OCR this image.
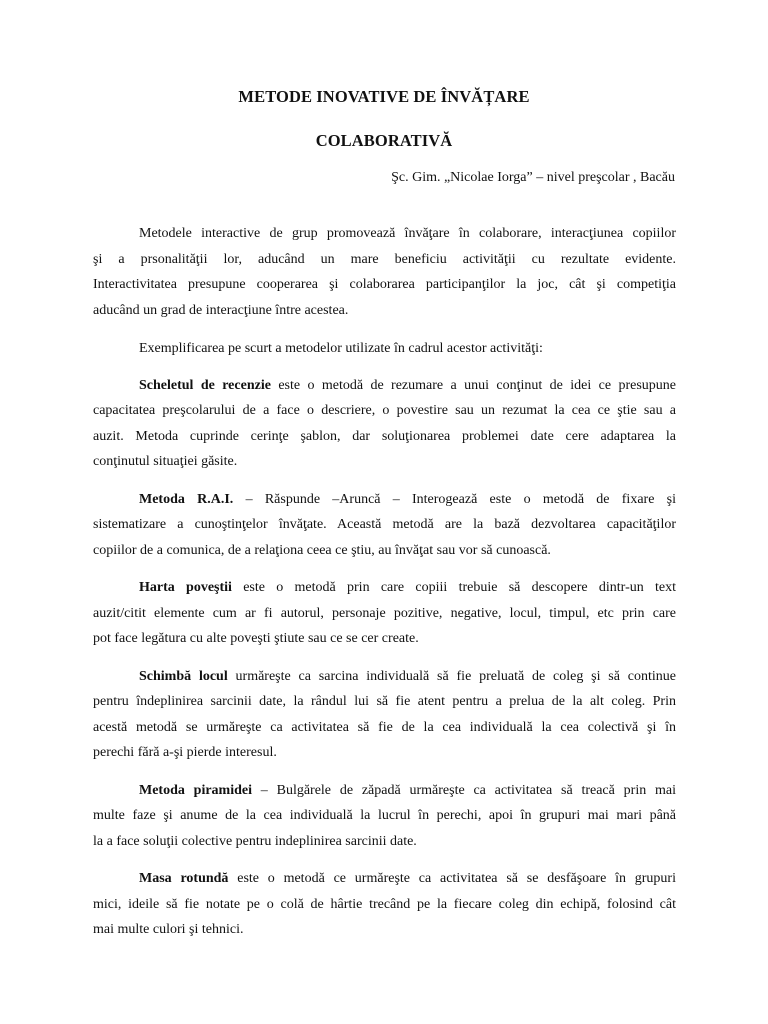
METODE INOVATIVE DE ÎNVĂȚARE
COLABORATIVĂ
Şc. Gim. „Nicolae Iorga” – nivel preşcolar , Bacău

Metodele interactive de grup promovează învăţare în colaborare, interacţiunea copiilor
şi a prsonalităţii lor, aducând un mare beneficiu activităţii cu rezultate evidente.
Interactivitatea presupune cooperarea şi colaborarea participanţilor la joc, cât şi competiţia
aducând un grad de interacţiune între acestea.

Exemplificarea pe scurt a metodelor utilizate în cadrul acestor activităţi:

Scheletul de recenzie este o metodă de rezumare a unui conţinut de idei ce presupune
capacitatea preşcolarului de a face o descriere, o povestire sau un rezumat la cea ce ştie sau a
auzit. Metoda cuprinde cerinţe şablon, dar soluţionarea problemei date cere adaptarea la
conţinutul situaţiei găsite.

Metoda R.A.I. – Răspunde –Aruncă – Interogează este o metodă de fixare şi
sistematizare a cunoştinţelor învăţate. Această metodă are la bază dezvoltarea capacităţilor
copiilor de a comunica, de a relaţiona ceea ce ştiu, au învăţat sau vor să cunoască.

Harta poveştii este o metodă prin care copiii trebuie să descopere dintr-un text
auzit/citit elemente cum ar fi autorul, personaje pozitive, negative, locul, timpul, etc prin care
pot face legătura cu alte poveşti ştiute sau ce se cer create.

Schimbă locul urmăreşte ca sarcina individuală să fie preluată de coleg şi să continue
pentru îndeplinirea sarcinii date, la rândul lui să fie atent pentru a prelua de la alt coleg. Prin
acestă metodă se urmăreşte ca activitatea să fie de la cea individuală la cea colectivă şi în
perechi fără a-şi pierde interesul.

Metoda piramidei – Bulgărele de zăpadă urmăreşte ca activitatea să treacă prin mai
multe faze şi anume de la cea individuală la lucrul în perechi, apoi în grupuri mai mari până
la a face soluţii colective pentru indeplinirea sarcinii date.

Masa rotundă este o metodă ce urmăreşte ca activitatea să se desfăşoare în grupuri
mici, ideile să fie notate pe o colă de hârtie trecând pe la fiecare coleg din echipă, folosind cât
mai multe culori şi tehnici.
